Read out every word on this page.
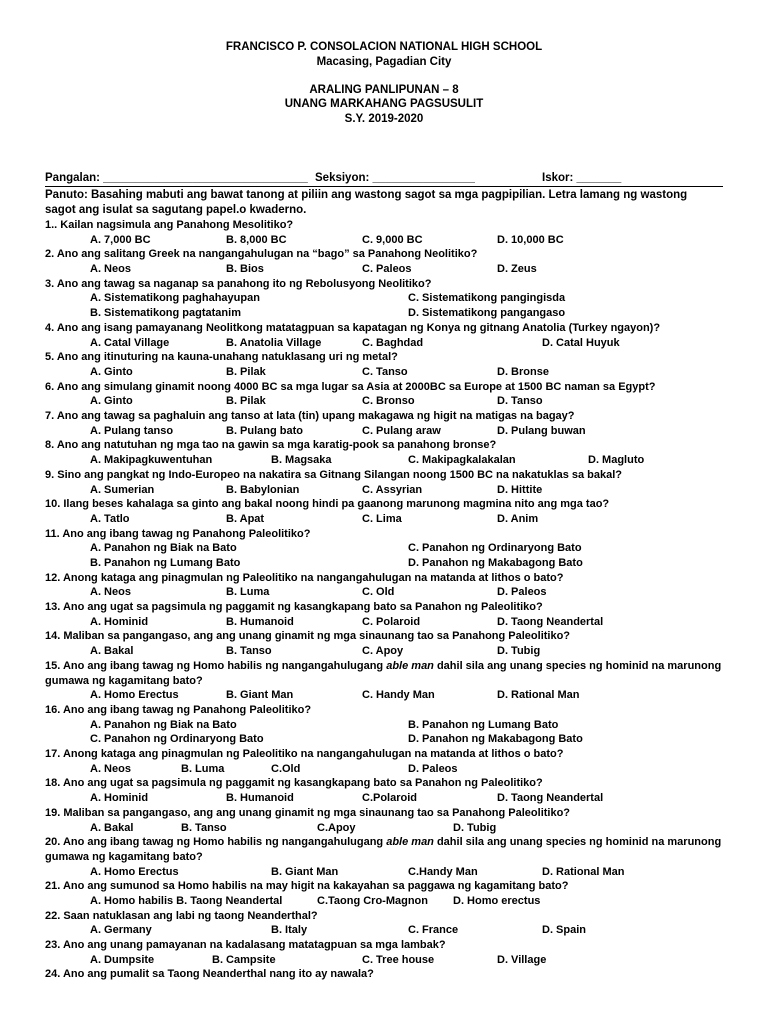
FRANCISCO P. CONSOLACION NATIONAL HIGH SCHOOL
Macasing, Pagadian City
ARALING PANLIPUNAN – 8
UNANG MARKAHANG PAGSUSULIT
S.Y. 2019-2020
Pangalan: ________________________________ Seksiyon: ________________	Iskor: _______
Panuto: Basahing mabuti ang bawat tanong at piliin ang wastong sagot sa mga pagpipilian. Letra lamang ng wastong sagot ang isulat sa sagutang papel.o kwaderno.
1.. Kailan nagsimula ang Panahong Mesolitiko?
A. 7,000 BC	B. 8,000 BC	C. 9,000 BC	D. 10,000 BC
2. Ano ang salitang Greek na nangangahulugan na “bago” sa Panahong Neolitiko?
A. Neos	B. Bios	C. Paleos	D. Zeus
3. Ano ang tawag sa naganap sa panahong ito ng Rebolusyong Neolitiko?
A. Sistematikong paghahayupan	C. Sistematikong pangingisda
B. Sistematikong pagtatanim	D. Sistematikong pangangaso
4. Ano ang isang pamayanang Neolitkong matatagpuan sa kapatagan ng Konya ng gitnang Anatolia (Turkey ngayon)?
A. Catal Village	B. Anatolia Village	C. Baghdad	D. Catal Huyuk
5. Ano ang itinuturing na kauna-unahang natuklasang uri ng metal?
A. Ginto	B. Pilak	C. Tanso	D. Bronse
6. Ano ang simulang ginamit noong 4000 BC sa mga lugar sa Asia at 2000BC sa Europe at 1500 BC naman sa Egypt?
A. Ginto	B. Pilak	C. Bronso	D. Tanso
7. Ano ang tawag sa paghaluin ang tanso at lata (tin) upang makagawa ng higit na matigas na bagay?
A. Pulang tanso	B. Pulang bato	C. Pulang araw	D. Pulang buwan
8. Ano ang natutuhan ng mga tao na gawin sa mga karatig-pook sa panahong bronse?
A. Makipagkuwentuhan	B. Magsaka	C. Makipagkalakalan	D. Magluto
9. Sino ang pangkat ng Indo-Europeo na nakatira sa Gitnang Silangan noong 1500 BC na nakatuklas sa bakal?
A. Sumerian	B. Babylonian	C. Assyrian	D. Hittite
10. Ilang beses kahalaga sa ginto ang bakal noong hindi pa gaanong marunong magmina nito ang mga tao?
A. Tatlo	B. Apat	C. Lima	D. Anim
11. Ano ang ibang tawag ng Panahong Paleolitiko?
A. Panahon ng Biak na Bato	C. Panahon ng Ordinaryong Bato
B. Panahon ng Lumang Bato	D. Panahon ng Makabagong Bato
12. Anong kataga ang pinagmulan ng Paleolitiko na nangangahulugan na matanda at lithos o bato?
A. Neos	B. Luma	C. Old	D. Paleos
13. Ano ang ugat sa pagsimula ng paggamit ng kasangkapang bato sa Panahon ng Paleolitiko?
A. Hominid	B. Humanoid	C. Polaroid	D. Taong Neandertal
14. Maliban sa pangangaso, ang ang unang ginamit ng mga sinaunang tao sa Panahong Paleolitiko?
A. Bakal	B. Tanso	C. Apoy	D. Tubig
15. Ano ang ibang tawag ng Homo habilis ng nangangahulugang able man dahil sila ang unang species ng hominid na marunong gumawa ng kagamitang bato?
A. Homo Erectus	B. Giant Man	C. Handy Man	D. Rational Man
16. Ano ang ibang tawag ng Panahong Paleolitiko?
A. Panahon ng Biak na Bato	B. Panahon ng Lumang Bato
C. Panahon ng Ordinaryong Bato	D. Panahon ng Makabagong Bato
17. Anong kataga ang pinagmulan ng Paleolitiko na nangangahulugan na matanda at lithos o bato?
A. Neos	B. Luma	C.Old	D. Paleos
18. Ano ang ugat sa pagsimula ng paggamit ng kasangkapang bato sa Panahon ng Paleolitiko?
A. Hominid	B. Humanoid	C.Polaroid	D. Taong Neandertal
19. Maliban sa pangangaso, ang ang unang ginamit ng mga sinaunang tao sa Panahong Paleolitiko?
A. Bakal	B. Tanso	C.Apoy	D. Tubig
20. Ano ang ibang tawag ng Homo habilis ng nangangahulugang able man dahil sila ang unang species ng hominid na marunong gumawa ng kagamitang bato?
A. Homo Erectus	B. Giant Man	C.Handy Man	D. Rational Man
21. Ano ang sumunod sa Homo habilis na may higit na kakayahan sa paggawa ng kagamitang bato?
A. Homo habilis B. Taong Neandertal	C.Taong Cro-Magnon D. Homo erectus
22. Saan natuklasan ang labi ng taong Neanderthal?
A. Germany	B. Italy	C. France	D. Spain
23. Ano ang unang pamayanan na kadalasang matatagpuan sa mga lambak?
A. Dumpsite	B. Campsite	C. Tree house	D. Village
24. Ano ang pumalit sa Taong Neanderthal nang ito ay nawala?
